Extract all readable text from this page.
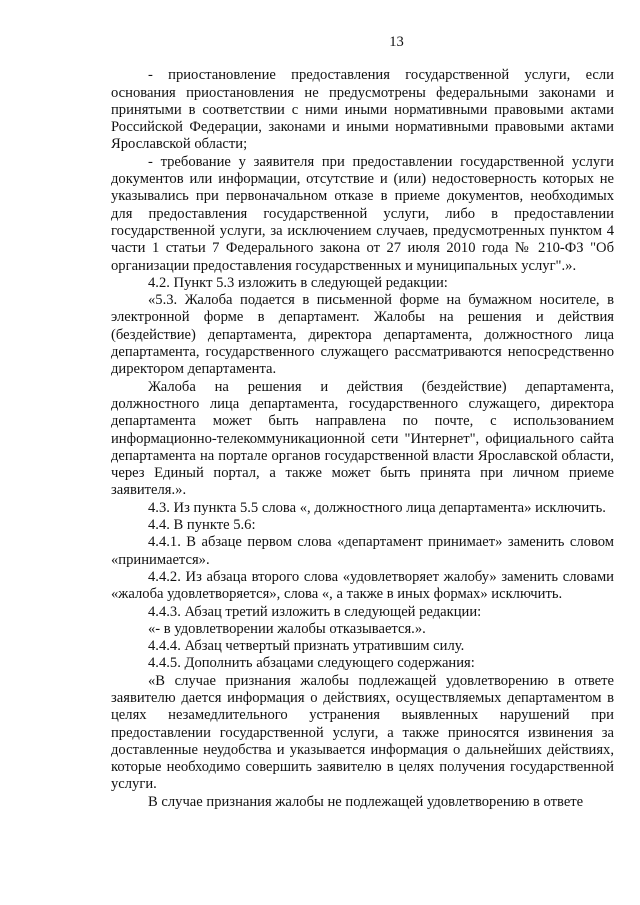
13

- приостановление предоставления государственной услуги, если основания приостановления не предусмотрены федеральными законами и принятыми в соответствии с ними иными нормативными правовыми актами Российской Федерации, законами и иными нормативными правовыми актами Ярославской области;

- требование у заявителя при предоставлении государственной услуги документов или информации, отсутствие и (или) недостоверность которых не указывались при первоначальном отказе в приеме документов, необходимых для предоставления государственной услуги, либо в предоставлении государственной услуги, за исключением случаев, предусмотренных пунктом 4 части 1 статьи 7 Федерального закона от 27 июля 2010 года № 210-ФЗ "Об организации предоставления государственных и муниципальных услуг".».

4.2. Пункт 5.3 изложить в следующей редакции:

«5.3. Жалоба подается в письменной форме на бумажном носителе, в электронной форме в департамент. Жалобы на решения и действия (бездействие) департамента, директора департамента, должностного лица департамента, государственного служащего рассматриваются непосредственно директором департамента.

Жалоба на решения и действия (бездействие) департамента, должностного лица департамента, государственного служащего, директора департамента может быть направлена по почте, с использованием информационно-телекоммуникационной сети "Интернет", официального сайта департамента на портале органов государственной власти Ярославской области, через Единый портал, а также может быть принята при личном приеме заявителя.».

4.3. Из пункта 5.5 слова «, должностного лица департамента» исключить.

4.4. В пункте 5.6:

4.4.1. В абзаце первом слова «департамент принимает» заменить словом «принимается».

4.4.2. Из абзаца второго слова «удовлетворяет жалобу» заменить словами «жалоба удовлетворяется», слова «, а также в иных формах» исключить.

4.4.3. Абзац третий изложить в следующей редакции:

«- в удовлетворении жалобы отказывается.».

4.4.4. Абзац четвертый признать утратившим силу.

4.4.5. Дополнить абзацами следующего содержания:

«В случае признания жалобы подлежащей удовлетворению в ответе заявителю дается информация о действиях, осуществляемых департаментом в целях незамедлительного устранения выявленных нарушений при предоставлении государственной услуги, а также приносятся извинения за доставленные неудобства и указывается информация о дальнейших действиях, которые необходимо совершить заявителю в целях получения государственной услуги.

В случае признания жалобы не подлежащей удовлетворению в ответе
